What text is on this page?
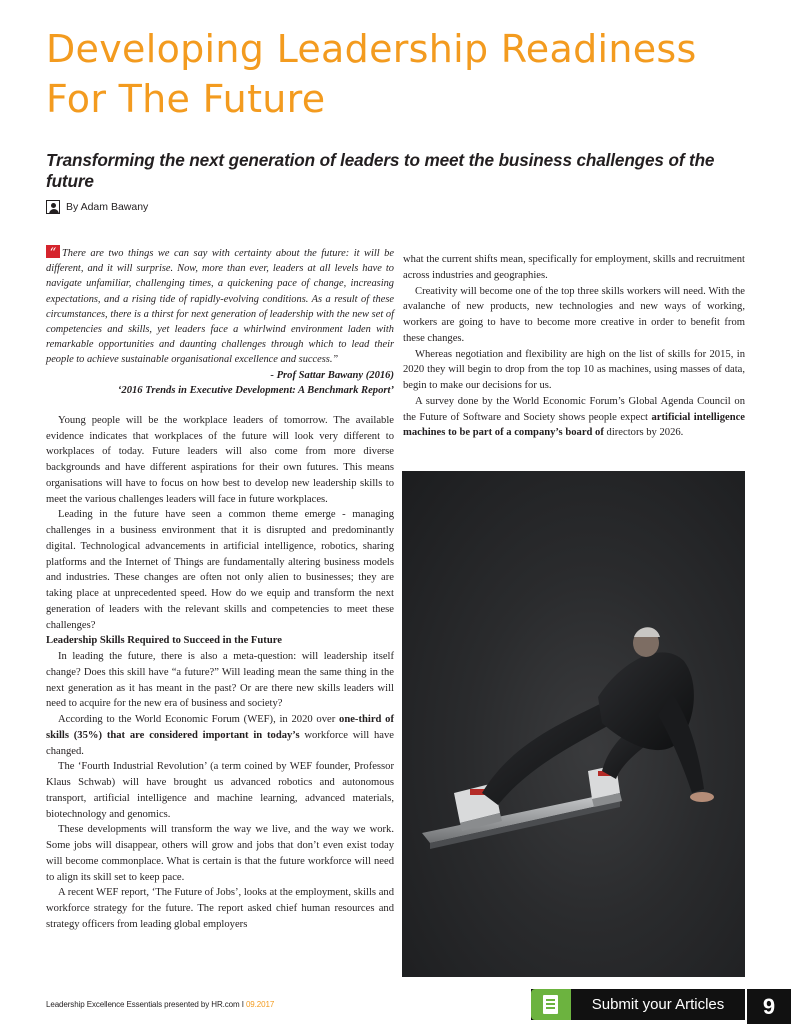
Developing Leadership Readiness For The Future
Transforming the next generation of leaders to meet the business challenges of the future
By Adam Bawany
“ There are two things we can say with certainty about the future: it will be different, and it will surprise. Now, more than ever, leaders at all levels have to navigate unfamiliar, challenging times, a quickening pace of change, increasing expectations, and a rising tide of rapidly-evolving conditions. As a result of these circumstances, there is a thirst for next generation of leadership with the new set of competencies and skills, yet leaders face a whirlwind environment laden with remarkable opportunities and daunting challenges through which to lead their people to achieve sustainable organisational excellence and success.”
- Prof Sattar Bawany (2016)
‘2016 Trends in Executive Development: A Benchmark Report’

Young people will be the workplace leaders of tomorrow. The available evidence indicates that workplaces of the future will look very different to workplaces of today. Future leaders will also come from more diverse backgrounds and have different aspirations for their own futures. This means organisations will have to focus on how best to develop new leadership skills to meet the various challenges leaders will face in future workplaces.

Leading in the future have seen a common theme emerge - managing challenges in a business environment that it is disrupted and predominantly digital. Technological advancements in artificial intelligence, robotics, sharing platforms and the Internet of Things are fundamentally altering business models and industries. These changes are often not only alien to businesses; they are taking place at unprecedented speed. How do we equip and transform the next generation of leaders with the relevant skills and competencies to meet these challenges?

Leadership Skills Required to Succeed in the Future

In leading the future, there is also a meta-question: will leadership itself change? Does this skill have “a future?” Will leading mean the same thing in the next generation as it has meant in the past? Or are there new skills leaders will need to acquire for the new era of business and society?

According to the World Economic Forum (WEF), in 2020 over one-third of skills (35%) that are considered important in today’s workforce will have changed.

The ‘Fourth Industrial Revolution’ (a term coined by WEF founder, Professor Klaus Schwab) will have brought us advanced robotics and autonomous transport, artificial intelligence and machine learning, advanced materials, biotechnology and genomics.

These developments will transform the way we live, and the way we work. Some jobs will disappear, others will grow and jobs that don’t even exist today will become commonplace. What is certain is that the future workforce will need to align its skill set to keep pace.

A recent WEF report, ‘The Future of Jobs’, looks at the employment, skills and workforce strategy for the future. The report asked chief human resources and strategy officers from leading global employers

what the current shifts mean, specifically for employment, skills and recruitment across industries and geographies.

Creativity will become one of the top three skills workers will need. With the avalanche of new products, new technologies and new ways of working, workers are going to have to become more creative in order to benefit from these changes.

Whereas negotiation and flexibility are high on the list of skills for 2015, in 2020 they will begin to drop from the top 10 as machines, using masses of data, begin to make our decisions for us.

A survey done by the World Economic Forum’s Global Agenda Council on the Future of Software and Society shows people expect artificial intelligence machines to be part of a company’s board of directors by 2026.

Leadership Excellence Essentials presented by HR.com I 09.2017	Submit your Articles	9
